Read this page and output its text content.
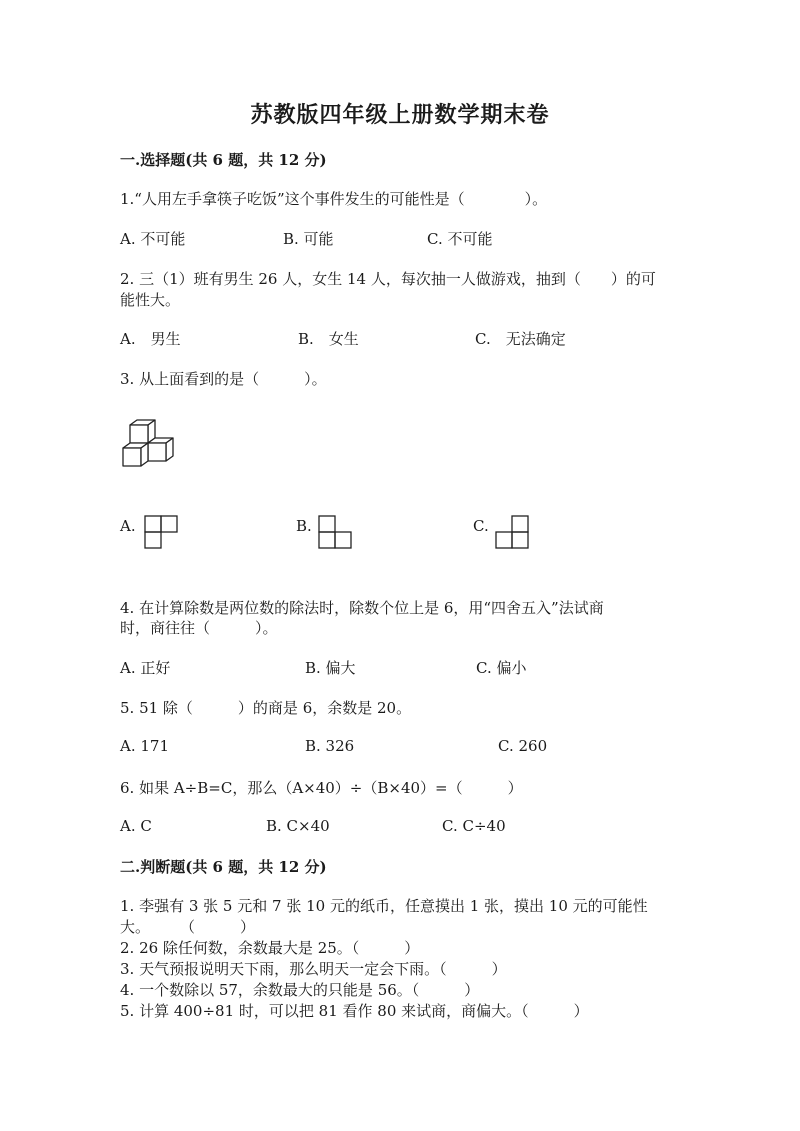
苏教版四年级上册数学期末卷
一.选择题(共 6 题，共 12 分)
1.“人用左手拿筷子吃饭”这个事件发生的可能性是（　　　　）。
A. 不可能	B. 可能	C. 不可能
2. 三（1）班有男生 26 人，女生 14 人，每次抽一人做游戏，抽到（　　）的可
能性大。
A.　男生	B.　女生	C.　无法确定
3. 从上面看到的是（　　　）。
A.	B.	C.
4. 在计算除数是两位数的除法时，除数个位上是 6，用“四舍五入”法试商
时，商往往（　　　）。
A. 正好	B. 偏大	C. 偏小
5. 51 除（　　　）的商是 6，余数是 20。
A. 171	B. 326	C. 260
6. 如果 A÷B=C，那么（A×40）÷（B×40）=（　　　）
A. C	B. C×40	C. C÷40
二.判断题(共 6 题，共 12 分)
1. 李强有 3 张 5 元和 7 张 10 元的纸币，任意摸出 1 张，摸出 10 元的可能性
大。　　　（　　　）
2. 26 除任何数，余数最大是 25。（　　　）
3. 天气预报说明天下雨，那么明天一定会下雨。（　　　）
4. 一个数除以 57，余数最大的只能是 56。（　　　）
5. 计算 400÷81 时，可以把 81 看作 80 来试商，商偏大。（　　　）
